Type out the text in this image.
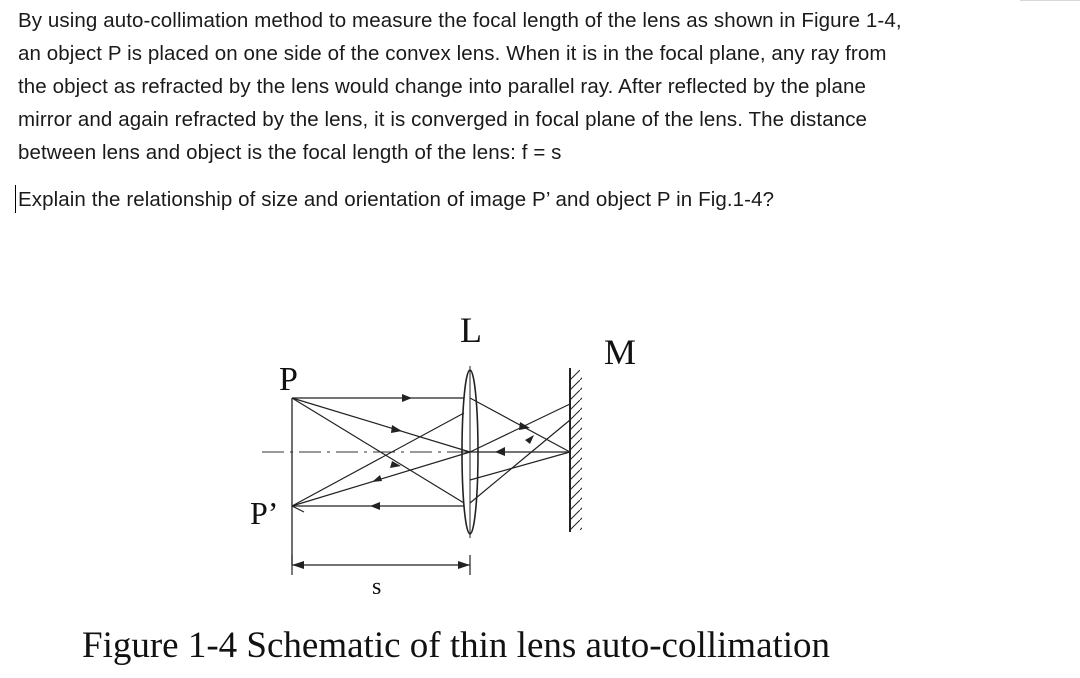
By using auto-collimation method to measure the focal length of the lens as shown in Figure 1-4,

an object P is placed on one side of the convex lens. When it is in the focal plane, any ray from

the object as refracted by the lens would change into parallel ray. After reflected by the plane

mirror and again refracted by the lens, it is converged in focal plane of the lens. The distance

between lens and object is the focal length of the lens: f = s

Explain the relationship of size and orientation of image P’ and object P in Fig.1-4?

L
M
P
P’
s
Figure 1-4 Schematic of thin lens auto-collimation
